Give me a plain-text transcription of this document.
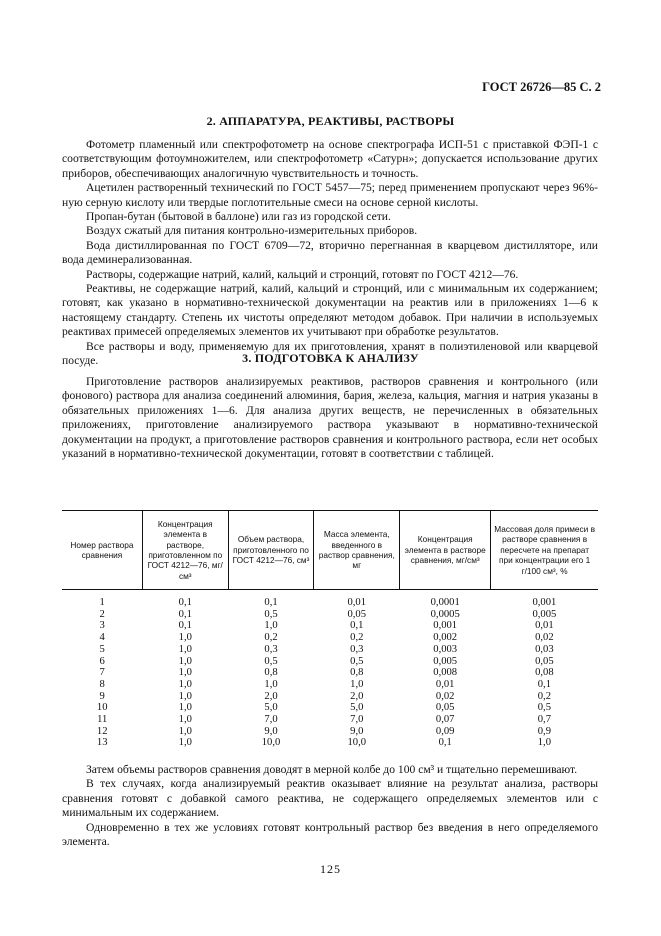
ГОСТ 26726—85 С. 2
2. АППАРАТУРА, РЕАКТИВЫ, РАСТВОРЫ

Фотометр пламенный или спектрофотометр на основе спектрографа ИСП-51 с приставкой ФЭП-1 с соответствующим фотоумножителем, или спектрофотометр «Сатурн»; допускается использование других приборов, обеспечивающих аналогичную чувствительность и точность.

Ацетилен растворенный технический по ГОСТ 5457—75; перед применением пропускают через 96%-ную серную кислоту или твердые поглотительные смеси на основе серной кислоты.

Пропан-бутан (бытовой в баллоне) или газ из городской сети.

Воздух сжатый для питания контрольно-измерительных приборов.

Вода дистиллированная по ГОСТ 6709—72, вторично перегнанная в кварцевом дистилляторе, или вода деминерализованная.

Растворы, содержащие натрий, калий, кальций и стронций, готовят по ГОСТ 4212—76.

Реактивы, не содержащие натрий, калий, кальций и стронций, или с минимальным их содержанием; готовят, как указано в нормативно-технической документации на реактив или в приложениях 1—6 к настоящему стандарту. Степень их чистоты определяют методом добавок. При наличии в используемых реактивах примесей определяемых элементов их учитывают при обработке результатов.

Все растворы и воду, применяемую для их приготовления, хранят в полиэтиленовой или кварцевой посуде.	3. ПОДГОТОВКА К АНАЛИЗУ

Приготовление растворов анализируемых реактивов, растворов сравнения и контрольного (или фонового) раствора для анализа соединений алюминия, бария, железа, кальция, магния и натрия указаны в обязательных приложениях 1—6. Для анализа других веществ, не перечисленных в обязательных приложениях, приготовление анализируемого раствора указывают в нормативно-технической документации на продукт, а приготовление растворов сравнения и контрольного раствора, если нет особых указаний в нормативно-технической документации, готовят в соответствии с таблицей.

Номер раствора сравнения	Концентрация элемента в растворе, приготовленном по ГОСТ 4212—76, мг/см³	Объем раствора, приготовленного по ГОСТ 4212—76, см³	Масса элемента, введенного в раствор сравнения, мг	Концентрация элемента в растворе сравнения, мг/см³	Массовая доля примеси в растворе сравнения в пересчете на препарат при концентрации его 1 г/100 см³, %
1	0,1	0,1	0,01	0,0001	0,001
2	0,1	0,5	0,05	0,0005	0,005
3	0,1	1,0	0,1	0,001	0,01
4	1,0	0,2	0,2	0,002	0,02
5	1,0	0,3	0,3	0,003	0,03
6	1,0	0,5	0,5	0,005	0,05
7	1,0	0,8	0,8	0,008	0,08
8	1,0	1,0	1,0	0,01	0,1
9	1,0	2,0	2,0	0,02	0,2
10	1,0	5,0	5,0	0,05	0,5
11	1,0	7,0	7,0	0,07	0,7
12	1,0	9,0	9,0	0,09	0,9
13	1,0	10,0	10,0	0,1	1,0

Затем объемы растворов сравнения доводят в мерной колбе до 100 см³ и тщательно перемешивают.

В тех случаях, когда анализируемый реактив оказывает влияние на результат анализа, растворы сравнения готовят с добавкой самого реактива, не содержащего определяемых элементов или с минимальным их содержанием.

Одновременно в тех же условиях готовят контрольный раствор без введения в него определяемого элемента.

125
